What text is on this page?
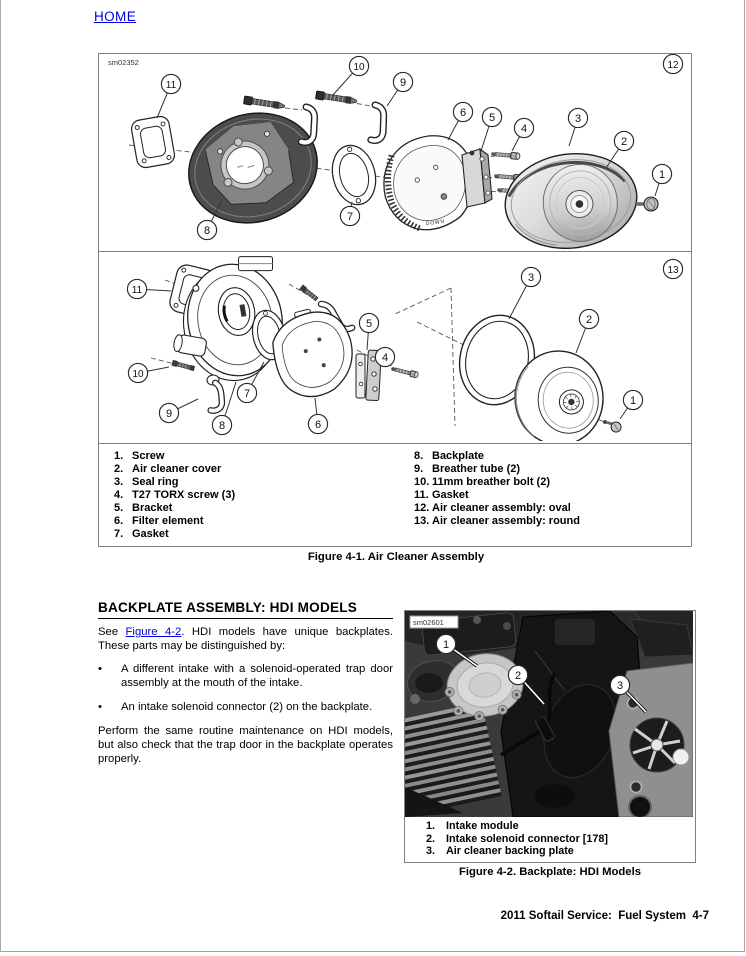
HOME
sm02352
DOWN
11
10
9
6 5
4
3
2
1
12
8
7
11
10
9
8
7
6
5
4
3
2
1
13
1. Screw
2. Air cleaner cover
3. Seal ring
4. T27 TORX screw (3)
5. Bracket
6. Filter element
7. Gasket
8. Backplate
9. Breather tube (2)
10. 11mm breather bolt (2)
11. Gasket
12. Air cleaner assembly: oval
13. Air cleaner assembly: round
Figure 4-1. Air Cleaner Assembly
BACKPLATE ASSEMBLY: HDI MODELS

See Figure 4-2. HDI models have unique backplates. These parts may be distinguished by:

•	A different intake with a solenoid-operated trap door assembly at the mouth of the intake.
•	An intake solenoid connector (2) on the backplate.

Perform the same routine maintenance on HDI models, but also check that the trap door in the backplate operates properly.

sm02601
1
2
3
1.	Intake module
2.	Intake solenoid connector [178]
3.	Air cleaner backing plate
Figure 4-2. Backplate: HDI Models
2011 Softail Service:  Fuel System  4-7
